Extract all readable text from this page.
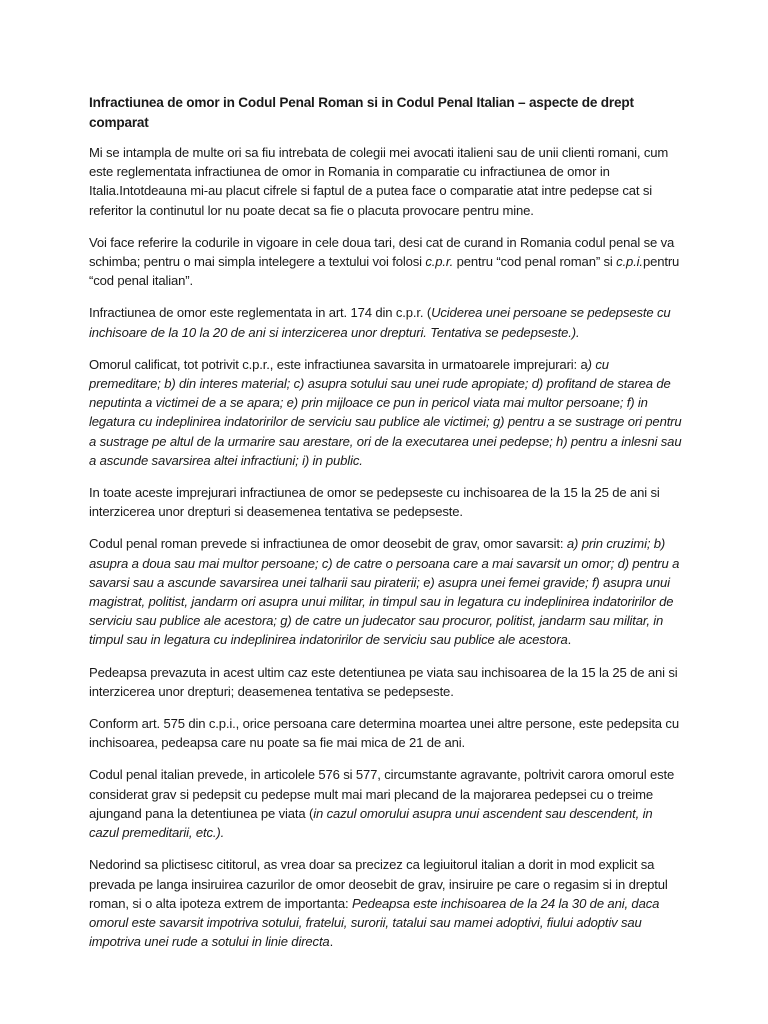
Infractiunea de omor in Codul Penal Roman si in Codul Penal Italian – aspecte de drept comparat

Mi se intampla de multe ori sa fiu intrebata de colegii mei avocati italieni sau de unii clienti romani, cum este reglementata infractiunea de omor in Romania in comparatie cu infractiunea de omor in Italia.Intotdeauna mi-au placut cifrele si faptul de a putea face o comparatie atat intre pedepse cat si referitor la continutul lor nu poate decat sa fie o placuta provocare pentru mine.

Voi face referire la codurile in vigoare in cele doua tari, desi cat de curand in Romania codul penal se va schimba; pentru o mai simpla intelegere a textului voi folosi c.p.r. pentru “cod penal roman” si c.p.i.pentru “cod penal italian”.

Infractiunea de omor este reglementata in art. 174 din c.p.r. (Uciderea unei persoane se pedepseste cu inchisoare de la 10 la 20 de ani si interzicerea unor drepturi. Tentativa se pedepseste.).

Omorul calificat, tot potrivit c.p.r., este infractiunea savarsita in urmatoarele imprejurari: a) cu premeditare; b) din interes material; c) asupra sotului sau unei rude apropiate; d) profitand de starea de neputinta a victimei de a se apara; e) prin mijloace ce pun in pericol viata mai multor persoane; f) in legatura cu indeplinirea indatoririlor de serviciu sau publice ale victimei; g) pentru a se sustrage ori pentru a sustrage pe altul de la urmarire sau arestare, ori de la executarea unei pedepse; h) pentru a inlesni sau a ascunde savarsirea altei infractiuni; i) in public.

In toate aceste imprejurari infractiunea de omor se pedepseste cu inchisoarea de la 15 la 25 de ani si interzicerea unor drepturi si deasemenea tentativa se pedepseste.

Codul penal roman prevede si infractiunea de omor deosebit de grav, omor savarsit: a) prin cruzimi; b) asupra a doua sau mai multor persoane; c) de catre o persoana care a mai savarsit un omor; d) pentru a savarsi sau a ascunde savarsirea unei talharii sau piraterii; e) asupra unei femei gravide; f) asupra unui magistrat, politist, jandarm ori asupra unui militar, in timpul sau in legatura cu indeplinirea indatoririlor de serviciu sau publice ale acestora; g) de catre un judecator sau procuror, politist, jandarm sau militar, in timpul sau in legatura cu indeplinirea indatoririlor de serviciu sau publice ale acestora.

Pedeapsa prevazuta in acest ultim caz este detentiunea pe viata sau inchisoarea de la 15 la 25 de ani si interzicerea unor drepturi; deasemenea tentativa se pedepseste.

Conform art. 575 din c.p.i., orice persoana care determina moartea unei altre persone, este pedepsita cu inchisoarea, pedeapsa care nu poate sa fie mai mica de 21 de ani.

Codul penal italian prevede, in articolele 576 si 577, circumstante agravante, poltrivit carora omorul este considerat grav si pedepsit cu pedepse mult mai mari plecand de la majorarea pedepsei cu o treime ajungand pana la detentiunea pe viata (in cazul omorului asupra unui ascendent sau descendent, in cazul premeditarii, etc.).

Nedorind sa plictisesc cititorul, as vrea doar sa precizez ca legiuitorul italian a dorit in mod explicit sa prevada pe langa insiruirea cazurilor de omor deosebit de grav, insiruire pe care o regasim si in dreptul roman, si o alta ipoteza extrem de importanta: Pedeapsa este inchisoarea de la 24 la 30 de ani, daca omorul este savarsit impotriva sotului, fratelui, surorii, tatalui sau mamei adoptivi, fiului adoptiv sau impotriva unei rude a sotului in linie directa.
